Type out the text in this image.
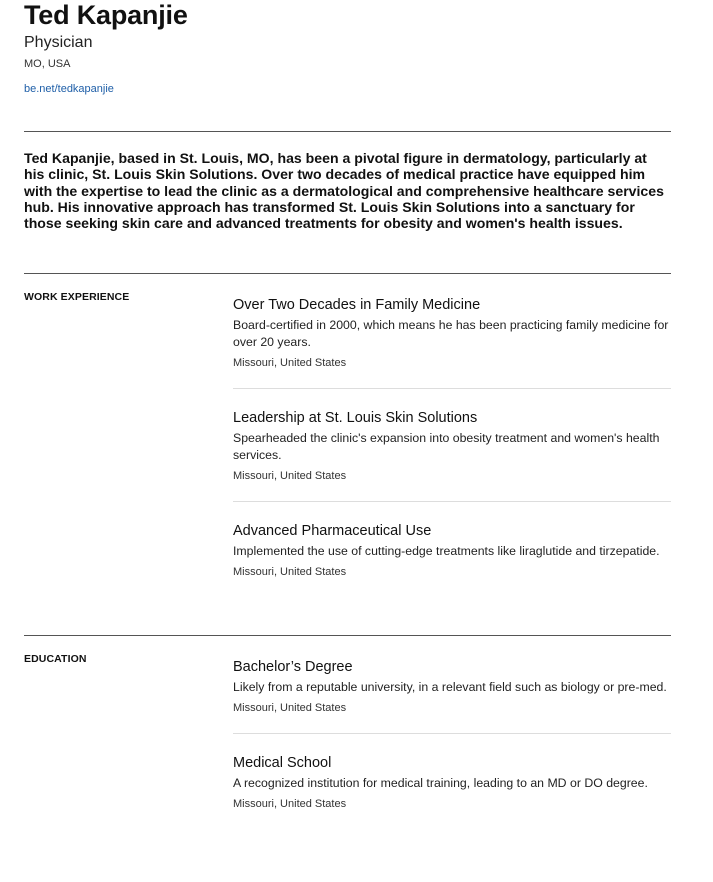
Ted Kapanjie
Physician
MO, USA
be.net/tedkapanjie
Ted Kapanjie, based in St. Louis, MO, has been a pivotal figure in dermatology, particularly at his clinic, St. Louis Skin Solutions. Over two decades of medical practice have equipped him with the expertise to lead the clinic as a dermatological and comprehensive healthcare services hub. His innovative approach has transformed St. Louis Skin Solutions into a sanctuary for those seeking skin care and advanced treatments for obesity and women's health issues.
WORK EXPERIENCE	Over Two Decades in Family Medicine
Board-certified in 2000, which means he has been practicing family medicine for over 20 years.
Missouri, United States
Leadership at St. Louis Skin Solutions
Spearheaded the clinic's expansion into obesity treatment and women's health services.
Missouri, United States
Advanced Pharmaceutical Use
Implemented the use of cutting-edge treatments like liraglutide and tirzepatide.
Missouri, United States
EDUCATION	Bachelor’s Degree
Likely from a reputable university, in a relevant field such as biology or pre-med.
Missouri, United States
Medical School
A recognized institution for medical training, leading to an MD or DO degree.
Missouri, United States
